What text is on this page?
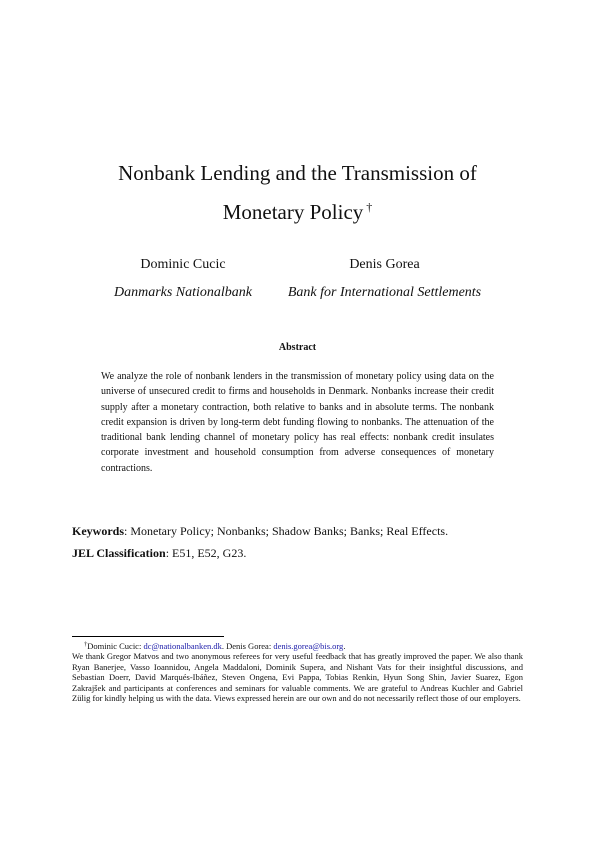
Nonbank Lending and the Transmission of
Monetary Policy †
Dominic Cucic
Danmarks Nationalbank
Denis Gorea
Bank for International Settlements
Abstract
We analyze the role of nonbank lenders in the transmission of monetary policy using data on the universe of unsecured credit to firms and households in Denmark. Nonbanks increase their credit supply after a monetary contraction, both relative to banks and in absolute terms. The nonbank credit expansion is driven by long-term debt funding flowing to nonbanks. The attenuation of the traditional bank lending channel of monetary policy has real effects: nonbank credit insulates corporate investment and household consumption from adverse consequences of monetary contractions.
Keywords: Monetary Policy; Nonbanks; Shadow Banks; Banks; Real Effects.
JEL Classification: E51, E52, G23.
†Dominic Cucic: dc@nationalbanken.dk. Denis Gorea: denis.gorea@bis.org.
We thank Gregor Matvos and two anonymous referees for very useful feedback that has greatly improved the paper. We also thank Ryan Banerjee, Vasso Ioannidou, Angela Maddaloni, Dominik Supera, and Nishant Vats for their insightful discussions, and Sebastian Doerr, David Marqués-Ibáñez, Steven Ongena, Evi Pappa, Tobias Renkin, Hyun Song Shin, Javier Suarez, Egon Zakrajšek and participants at conferences and seminars for valuable comments. We are grateful to Andreas Kuchler and Gabriel Zülig for kindly helping us with the data. Views expressed herein are our own and do not necessarily reflect those of our employers.
